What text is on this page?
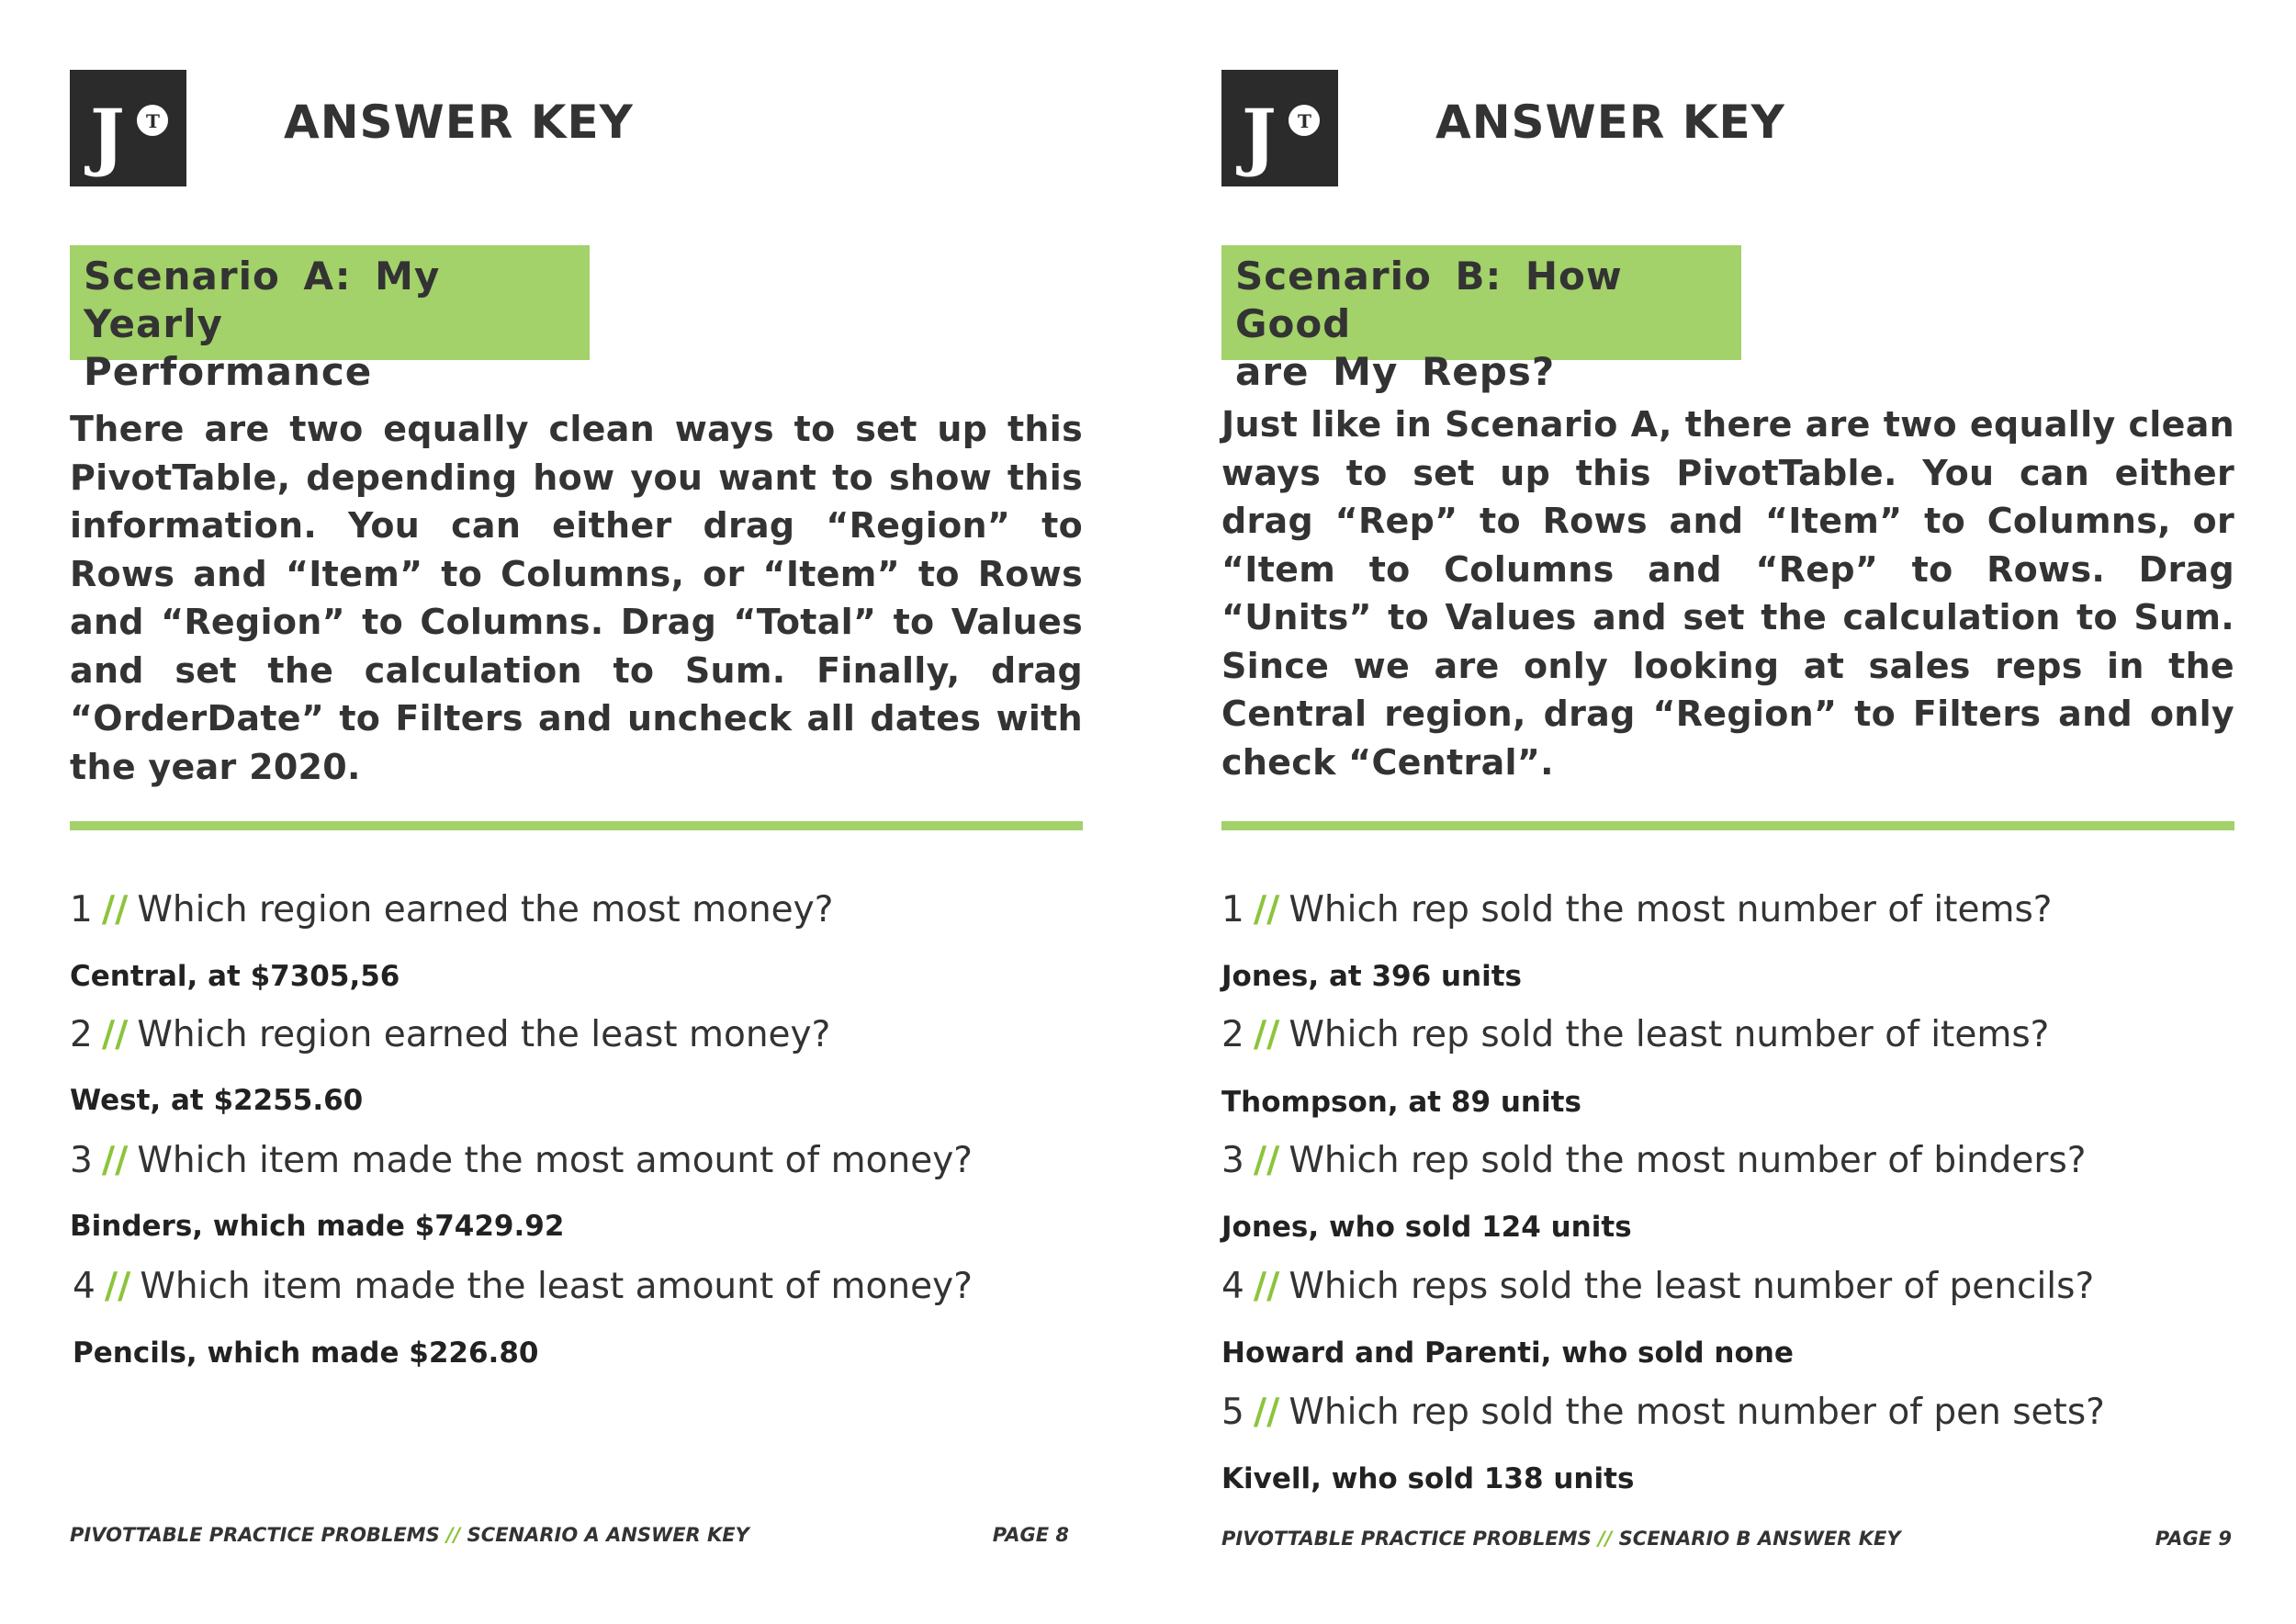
J T	ANSWER KEY
Scenario A: My Yearly
Performance
There are two equally clean ways to set up this PivotTable, depending how you want to show this information. You can either drag “Region” to Rows and “Item” to Columns, or “Item” to Rows and “Region” to Columns. Drag “Total” to Values and set the calculation to Sum. Finally, drag “OrderDate” to Filters and uncheck all dates with the year 2020.
1 // Which region earned the most money?
Central, at $7305,56
2 // Which region earned the least money?
West, at $2255.60
3 // Which item made the most amount of money?
Binders, which made $7429.92
4 // Which item made the least amount of money?
Pencils, which made $226.80
PIVOTTABLE PRACTICE PROBLEMS // SCENARIO A ANSWER KEY	PAGE 8
J T	ANSWER KEY
Scenario B: How Good
are My Reps?
Just like in Scenario A, there are two equally clean ways to set up this PivotTable. You can either drag “Rep” to Rows and “Item” to Columns, or “Item to Columns and “Rep” to Rows. Drag “Units” to Values and set the calculation to Sum. Since we are only looking at sales reps in the Central region, drag “Region” to Filters and only check “Central”.
1 // Which rep sold the most number of items?
Jones, at 396 units
2 // Which rep sold the least number of items?
Thompson, at 89 units
3 // Which rep sold the most number of binders?
Jones, who sold 124 units
4 // Which reps sold the least number of pencils?
Howard and Parenti, who sold none
5 // Which rep sold the most number of pen sets?
Kivell, who sold 138 units
PIVOTTABLE PRACTICE PROBLEMS // SCENARIO B ANSWER KEY	PAGE 9
